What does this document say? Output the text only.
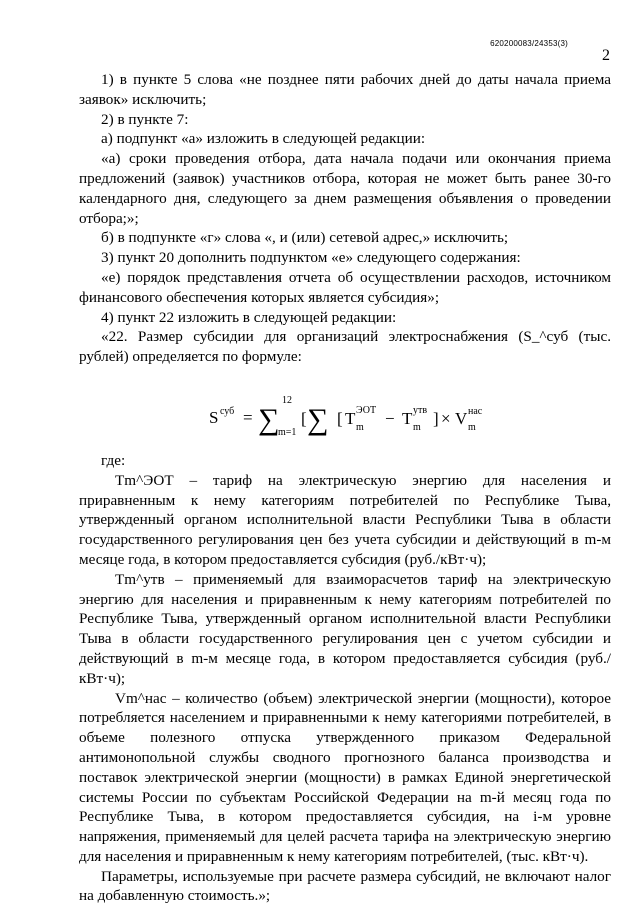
620200083/24353(3)
2
1) в пункте 5 слова «не позднее пяти рабочих дней до даты начала приема заявок» исключить;
2) в пункте 7:
а) подпункт «а» изложить в следующей редакции:
«а) сроки проведения отбора, дата начала подачи или окончания приема предложений (заявок) участников отбора, которая не может быть ранее 30-го календарного дня, следующего за днем размещения объявления о проведении отбора;»;
б) в подпункте «г» слова «, и (или) сетевой адрес,» исключить;
3) пункт 20 дополнить подпунктом «е» следующего содержания:
«е) порядок представления отчета об осуществлении расходов, источником финансового обеспечения которых является субсидия»;
4) пункт 22 изложить в следующей редакции:
«22. Размер субсидии для организаций электроснабжения (S_^суб (тыс. рублей) определяется по формуле:
S суб = ∑
12
m=1
[ ∑ [ T ЭОТ
m − T утв
m ] × V нас
m
где:
Tm^ЭОТ – тариф на электрическую энергию для населения и приравненным к нему категориям потребителей по Республике Тыва, утвержденный органом исполнительной власти Республики Тыва в области государственного регулирования цен без учета субсидии и действующий в m-м месяце года, в котором предоставляется субсидия (руб./кВт·ч);
Tm^утв – применяемый для взаиморасчетов тариф на электрическую энергию для населения и приравненным к нему категориям потребителей по Республике Тыва, утвержденный органом исполнительной власти Республики Тыва в области государственного регулирования цен с учетом субсидии и действующий в m-м месяце года, в котором предоставляется субсидия (руб./кВт·ч);
Vm^нас – количество (объем) электрической энергии (мощности), которое потребляется населением и приравненными к нему категориями потребителей, в объеме полезного отпуска утвержденного приказом Федеральной антимонопольной службы сводного прогнозного баланса производства и поставок электрической энергии (мощности) в рамках Единой энергетической системы России по субъектам Российской Федерации на m-й месяц года по Республике Тыва, в котором предоставляется субсидия, на i-м уровне напряжения, применяемый для целей расчета тарифа на электрическую энергию для населения и приравненным к нему категориям потребителей, (тыс. кВт·ч).
Параметры, используемые при расчете размера субсидий, не включают налог на добавленную стоимость.»;
